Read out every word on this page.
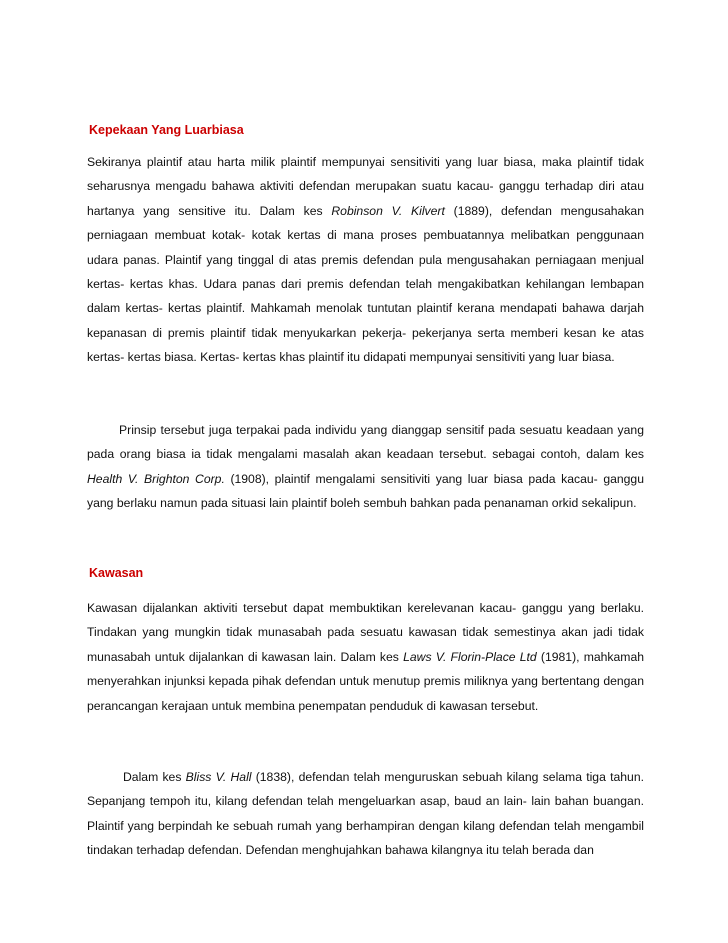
Kepekaan Yang Luarbiasa

Sekiranya plaintif atau harta milik plaintif mempunyai sensitiviti yang luar biasa, maka plaintif tidak seharusnya mengadu bahawa aktiviti defendan merupakan suatu kacau- ganggu terhadap diri atau hartanya yang sensitive itu. Dalam kes Robinson V. Kilvert (1889), defendan mengusahakan perniagaan membuat kotak- kotak kertas di mana proses pembuatannya melibatkan penggunaan udara panas. Plaintif yang tinggal di atas premis defendan pula mengusahakan perniagaan menjual kertas- kertas khas. Udara panas dari premis defendan telah mengakibatkan kehilangan lembapan dalam kertas- kertas plaintif. Mahkamah menolak tuntutan plaintif kerana mendapati bahawa darjah kepanasan di premis plaintif tidak menyukarkan pekerja- pekerjanya serta memberi kesan ke atas kertas- kertas biasa. Kertas- kertas khas plaintif itu didapati mempunyai sensitiviti yang luar biasa.

Prinsip tersebut juga terpakai pada individu yang dianggap sensitif pada sesuatu keadaan yang pada orang biasa ia tidak mengalami masalah akan keadaan tersebut. sebagai contoh, dalam kes Health V. Brighton Corp. (1908), plaintif mengalami sensitiviti yang luar biasa pada kacau- ganggu yang berlaku namun pada situasi lain plaintif boleh sembuh bahkan pada penanaman orkid sekalipun.

Kawasan

Kawasan dijalankan aktiviti tersebut dapat membuktikan kerelevanan kacau- ganggu yang berlaku. Tindakan yang mungkin tidak munasabah pada sesuatu kawasan tidak semestinya akan jadi tidak munasabah untuk dijalankan di kawasan lain. Dalam kes Laws V. Florin-Place Ltd (1981), mahkamah menyerahkan injunksi kepada pihak defendan untuk menutup premis miliknya yang bertentang dengan perancangan kerajaan untuk membina penempatan penduduk di kawasan tersebut.

Dalam kes Bliss V. Hall (1838), defendan telah menguruskan sebuah kilang selama tiga tahun. Sepanjang tempoh itu, kilang defendan telah mengeluarkan asap, baud an lain- lain bahan buangan. Plaintif yang berpindah ke sebuah rumah yang berhampiran dengan kilang defendan telah mengambil tindakan terhadap defendan. Defendan menghujahkan bahawa kilangnya itu telah berada dan
